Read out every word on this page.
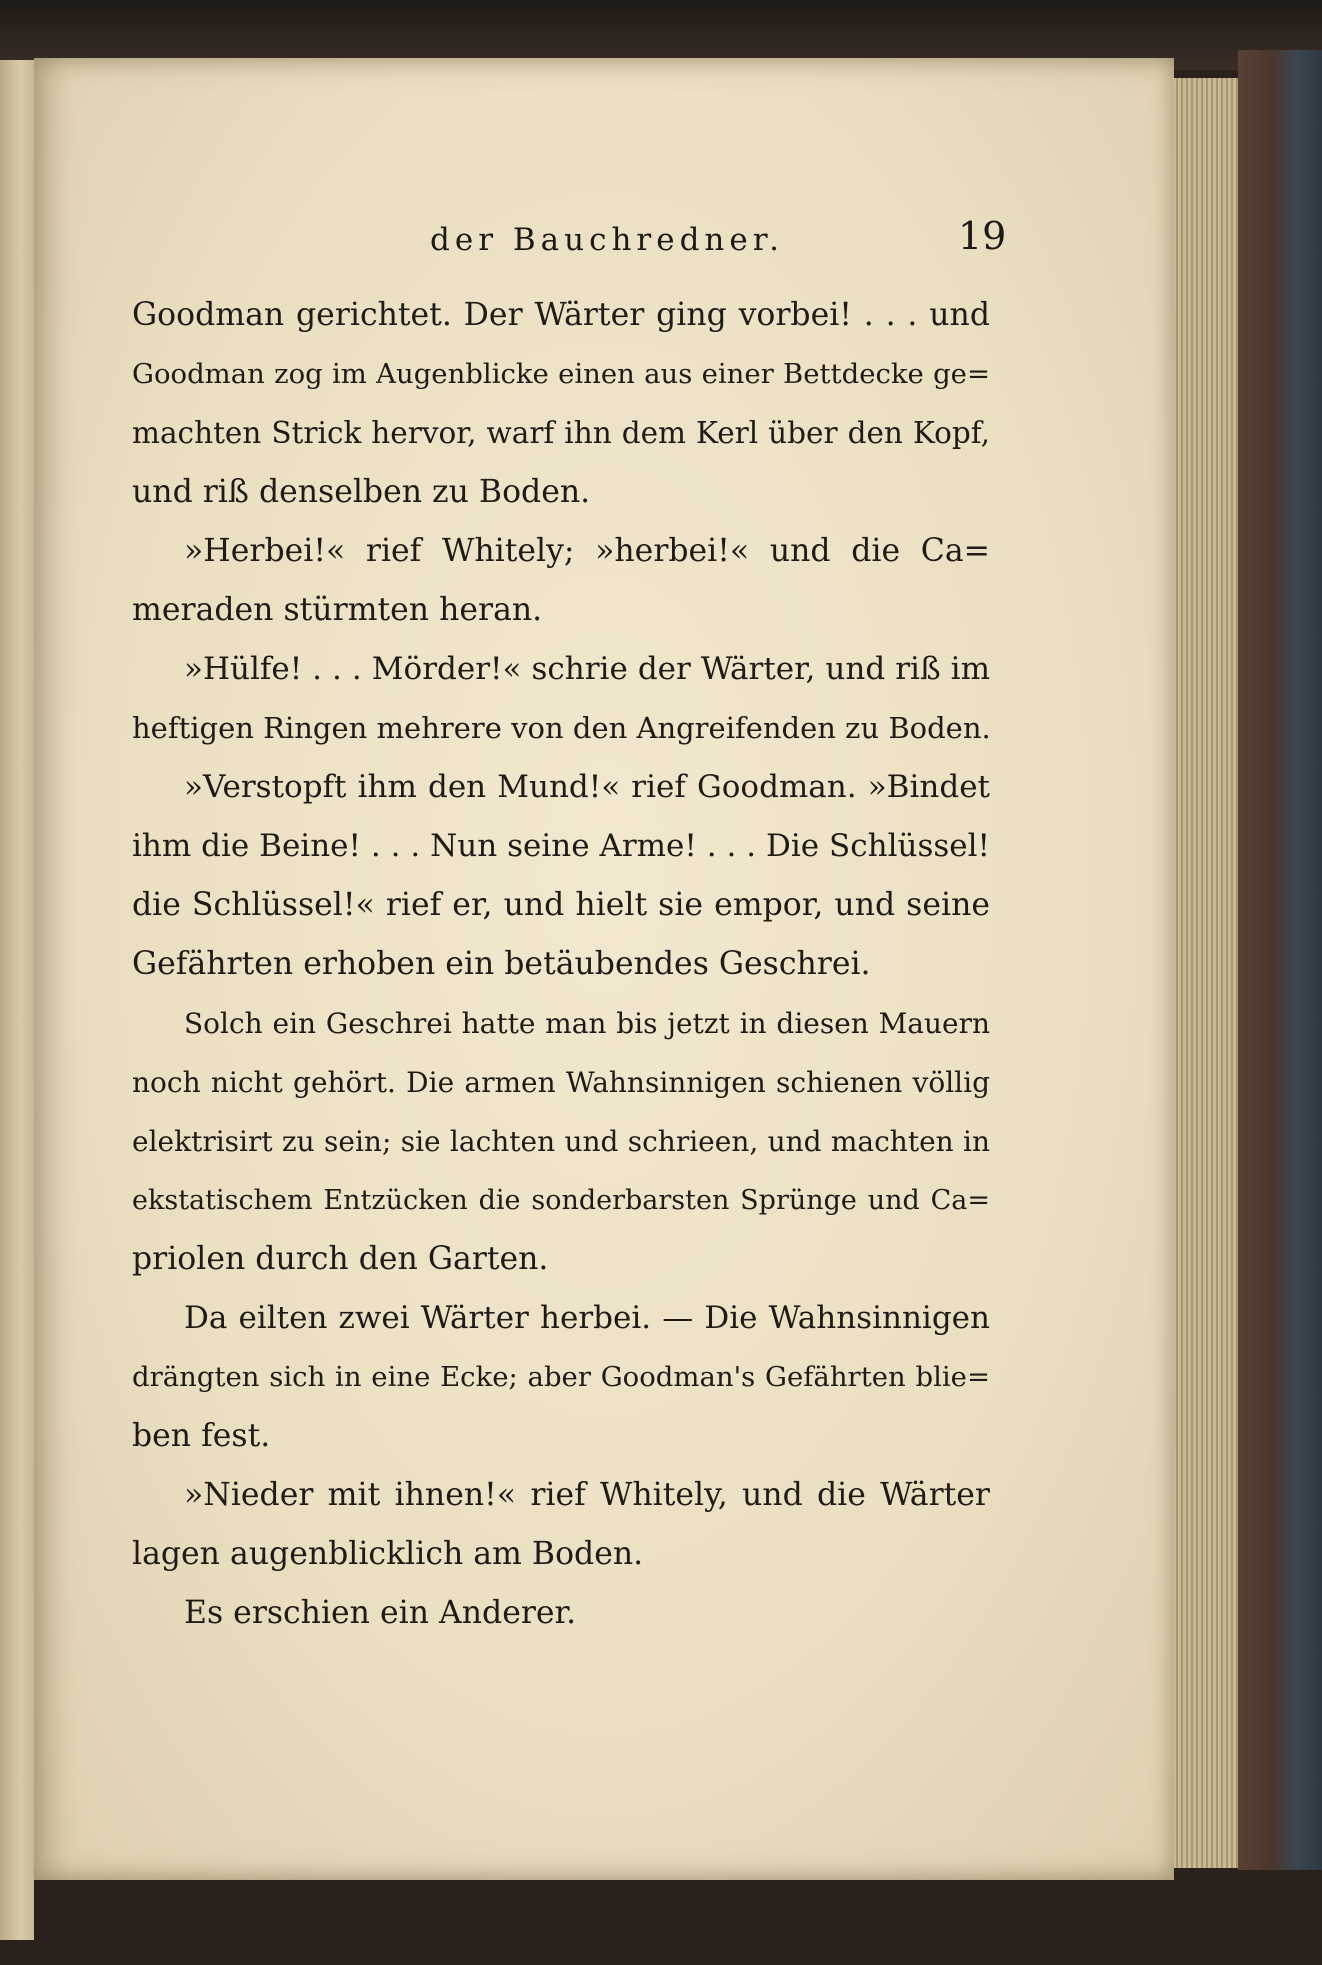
der Bauchredner.	19
Goodman gerichtet. Der Wärter ging vorbei! . . . und
Goodman zog im Augenblicke einen aus einer Bettdecke ge=
machten Strick hervor, warf ihn dem Kerl über den Kopf,
und riß denselben zu Boden.
»Herbei!« rief Whitely; »herbei!« und die Ca=
meraden stürmten heran.
»Hülfe! . . . Mörder!« schrie der Wärter, und riß im
heftigen Ringen mehrere von den Angreifenden zu Boden.
»Verstopft ihm den Mund!« rief Goodman. »Bindet
ihm die Beine! . . . Nun seine Arme! . . . Die Schlüssel!
die Schlüssel!« rief er, und hielt sie empor, und seine
Gefährten erhoben ein betäubendes Geschrei.
Solch ein Geschrei hatte man bis jetzt in diesen Mauern
noch nicht gehört. Die armen Wahnsinnigen schienen völlig
elektrisirt zu sein; sie lachten und schrieen, und machten in
ekstatischem Entzücken die sonderbarsten Sprünge und Ca=
priolen durch den Garten.
Da eilten zwei Wärter herbei. — Die Wahnsinnigen
drängten sich in eine Ecke; aber Goodman's Gefährten blie=
ben fest.
»Nieder mit ihnen!« rief Whitely, und die Wärter
lagen augenblicklich am Boden.
Es erschien ein Anderer.
